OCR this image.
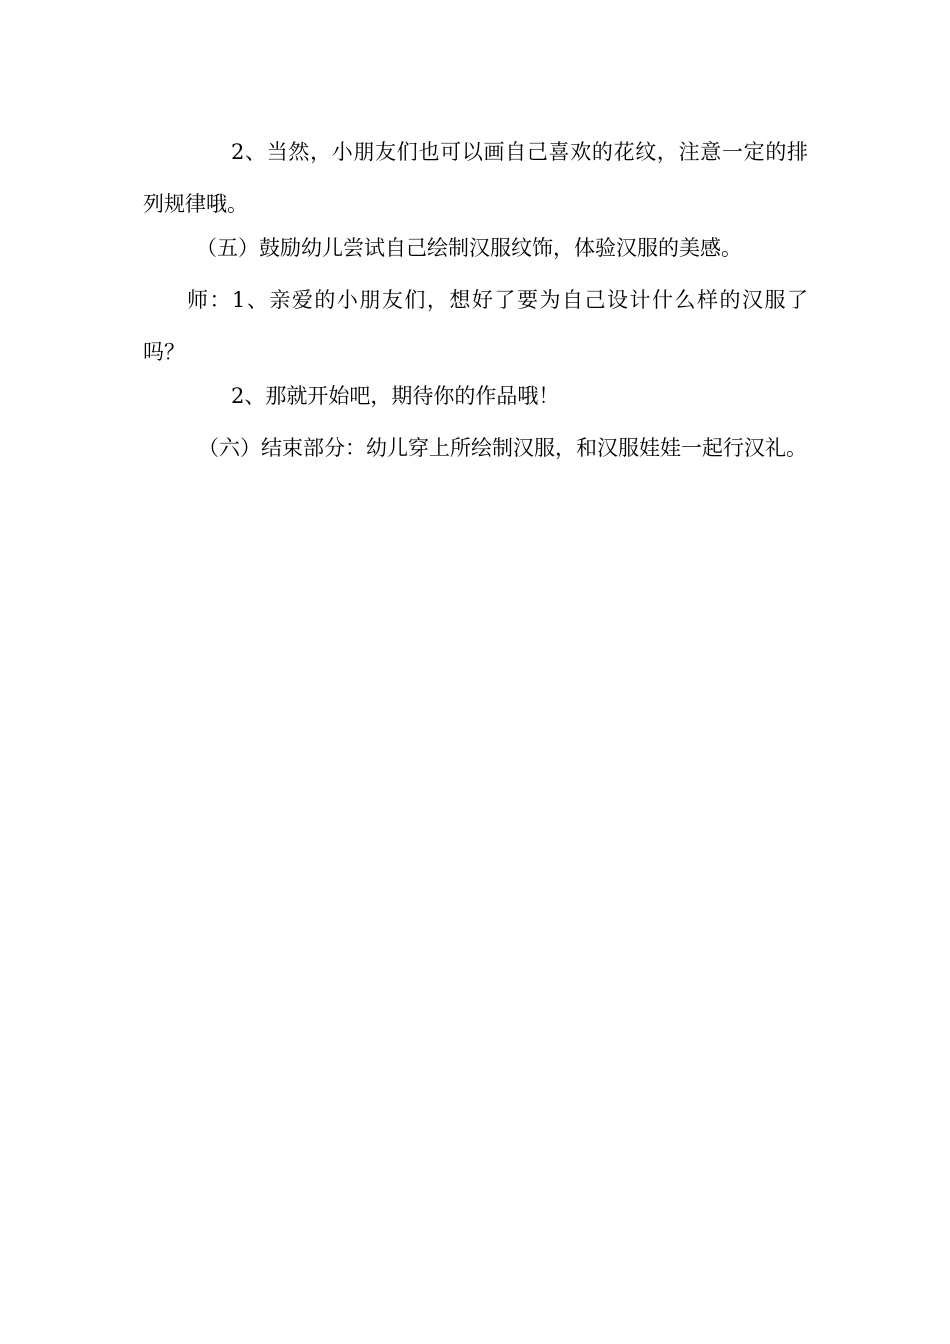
2、当然，小朋友们也可以画自己喜欢的花纹，注意一定的排列规律哦。

（五）鼓励幼儿尝试自己绘制汉服纹饰，体验汉服的美感。

师：1、亲爱的小朋友们，想好了要为自己设计什么样的汉服了吗？

2、那就开始吧，期待你的作品哦！

（六）结束部分：幼儿穿上所绘制汉服，和汉服娃娃一起行汉礼。
